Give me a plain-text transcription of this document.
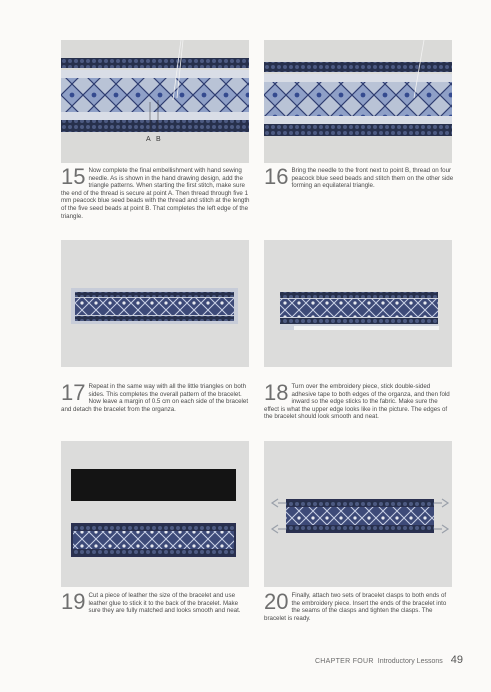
A B
15 Now complete the final embellishment with hand sewing needle. As is shown in the hand drawing design, add the triangle patterns. When starting the first stitch, make sure the end of the thread is secure at point A. Then thread through five 1 mm peacock blue seed beads with the thread and stitch at the length of the five seed beads at point B. That completes the left edge of the triangle.
16 Bring the needle to the front next to point B, thread on four peacock blue seed beads and stitch them on the other side forming an equilateral triangle.
17 Repeat in the same way with all the little triangles on both sides. This completes the overall pattern of the bracelet. Now leave a margin of 0.5 cm on each side of the bracelet and detach the bracelet from the organza.
18 Turn over the embroidery piece, stick double-sided adhesive tape to both edges of the organza, and then fold inward so the edge sticks to the fabric. Make sure the effect is what the upper edge looks like in the picture. The edges of the bracelet should look smooth and neat.
19 Cut a piece of leather the size of the bracelet and use leather glue to stick it to the back of the bracelet. Make sure they are fully matched and looks smooth and neat.	20 Finally, attach two sets of bracelet clasps to both ends of the embroidery piece. Insert the ends of the bracelet into the seams of the clasps and tighten the clasps. The bracelet is ready.
CHAPTER FOUR Introductory Lessons 49
